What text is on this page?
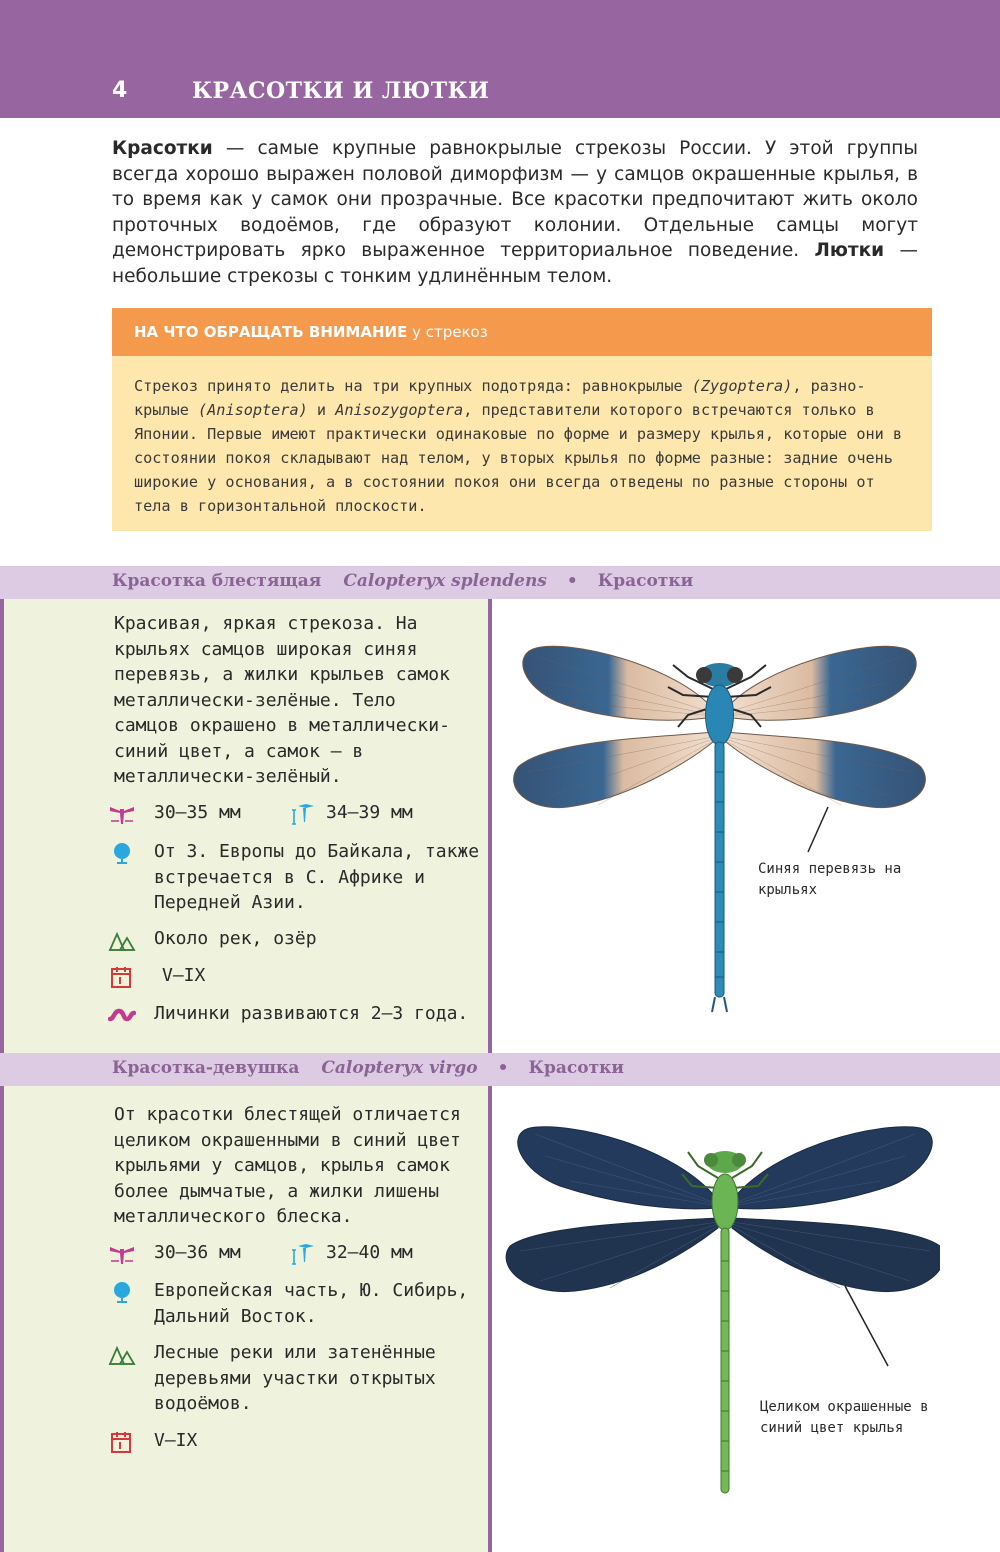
4	КРАСОТКИ И ЛЮТКИ

Красотки — самые крупные равнокрылые стрекозы России. У этой группы всегда хорошо выражен половой диморфизм — у самцов окрашенные крылья, в то время как у самок они прозрачные. Все красотки предпочитают жить около проточных водоёмов, где образуют колонии. Отдельные самцы могут демонстрировать ярко выраженное территориальное поведение. Лютки — небольшие стрекозы с тонким удлинённым телом.

НА ЧТО ОБРАЩАТЬ ВНИМАНИЕ у стрекоз
Стрекоз принято делить на три крупных подотряда: равнокрылые (Zygoptera), разно-крылые (Anisoptera) и Anisozygoptera, представители которого встречаются только в Японии. Первые имеют практически одинаковые по форме и размеру крылья, которые они в состоянии покоя складывают над телом, у вторых крылья по форме разные: задние очень широкие у основания, а в состоянии покоя они всегда отведены по разные стороны от тела в горизонтальной плоскости.
Красотка блестящая Calopteryx splendens • Красотки

Красивая, яркая стрекоза. На крыльях самцов широкая синяя перевязь, а жилки крыльев самок металлически-зелёные. Тело самцов окрашено в металлически-синий цвет, а самок — в металлически-зелёный.

30–35 мм	34–39 мм
От З. Европы до Байкала, также встречается в С. Африке и Передней Азии.
Около рек, озёр
V–IX
Личинки развиваются 2–3 года.
Синяя перевязь на крыльях
Красотка-девушка Calopteryx virgo • Красотки

От красотки блестящей отличается целиком окрашенными в синий цвет крыльями у самцов, крылья самок более дымчатые, а жилки лишены металлического блеска.

30–36 мм	32–40 мм
Европейская часть, Ю. Сибирь, Дальний Восток.
Лесные реки или затенённые деревьями участки открытых водоёмов.
V–IX
Целиком окрашенные в синий цвет крылья
